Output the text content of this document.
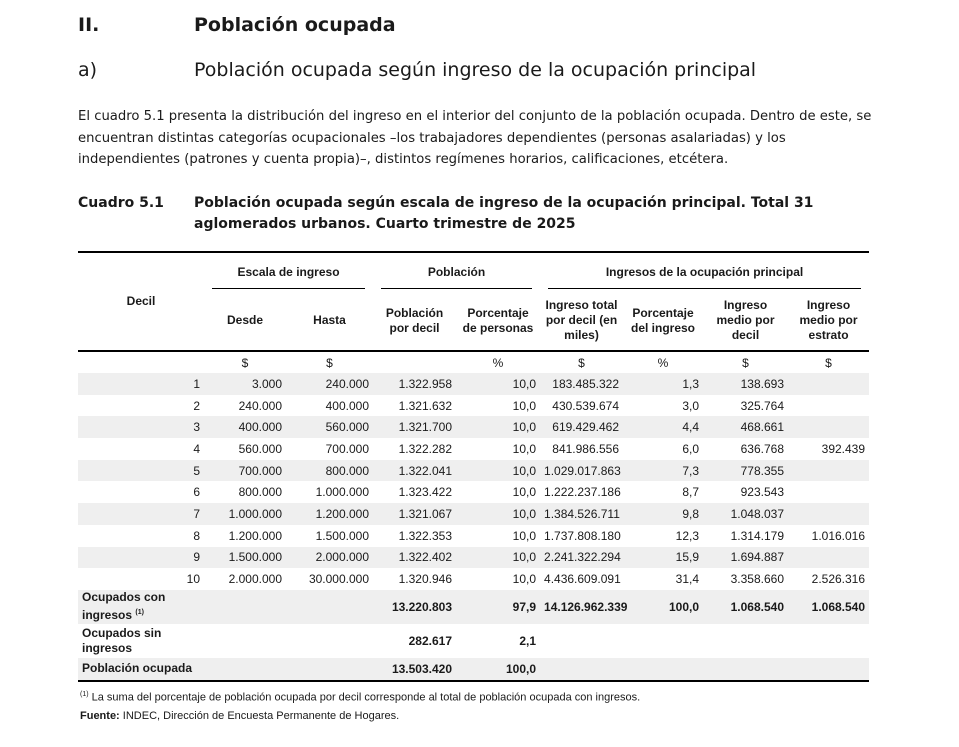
II.	Población ocupada
a)	Población ocupada según ingreso de la ocupación principal

El cuadro 5.1 presenta la distribución del ingreso en el interior del conjunto de la población ocupada. Dentro de este, se encuentran distintas categorías ocupacionales –los trabajadores dependientes (personas asalariadas) y los independientes (patrones y cuenta propia)–, distintos regímenes horarios, calificaciones, etcétera.

Cuadro 5.1	Población ocupada según escala de ingreso de la ocupación principal. Total 31 aglomerados urbanos. Cuarto trimestre de 2025
Decil	Escala de ingreso		Población		Ingresos de la ocupación principal			

	Desde	Hasta	Población por decil	Porcentaje de personas	Ingreso total por decil (en miles)	Porcentaje del ingreso	Ingreso medio por decil	Ingreso medio por estrato
	$	$		%	$	%	$	$
1	3.000	240.000	1.322.958	10,0	183.485.322	1,3	138.693	
2	240.000	400.000	1.321.632	10,0	430.539.674	3,0	325.764	
3	400.000	560.000	1.321.700	10,0	619.429.462	4,4	468.661	
4	560.000	700.000	1.322.282	10,0	841.986.556	6,0	636.768	392.439
5	700.000	800.000	1.322.041	10,0	1.029.017.863	7,3	778.355	
6	800.000	1.000.000	1.323.422	10,0	1.222.237.186	8,7	923.543	
7	1.000.000	1.200.000	1.321.067	10,0	1.384.526.711	9,8	1.048.037	
8	1.200.000	1.500.000	1.322.353	10,0	1.737.808.180	12,3	1.314.179	1.016.016
9	1.500.000	2.000.000	1.322.402	10,0	2.241.322.294	15,9	1.694.887	
10	2.000.000	30.000.000	1.320.946	10,0	4.436.609.091	31,4	3.358.660	2.526.316
Ocupados con ingresos $^{(1)}$			13.220.803	97,9	14.126.962.339	100,0	1.068.540	1.068.540
Ocupados sin ingresos			282.617	2,1				
Población ocupada			13.503.420	100,0				
$^{(1)}$ La suma del porcentaje de población ocupada por decil corresponde al total de población ocupada con ingresos.
Fuente: INDEC, Dirección de Encuesta Permanente de Hogares.
